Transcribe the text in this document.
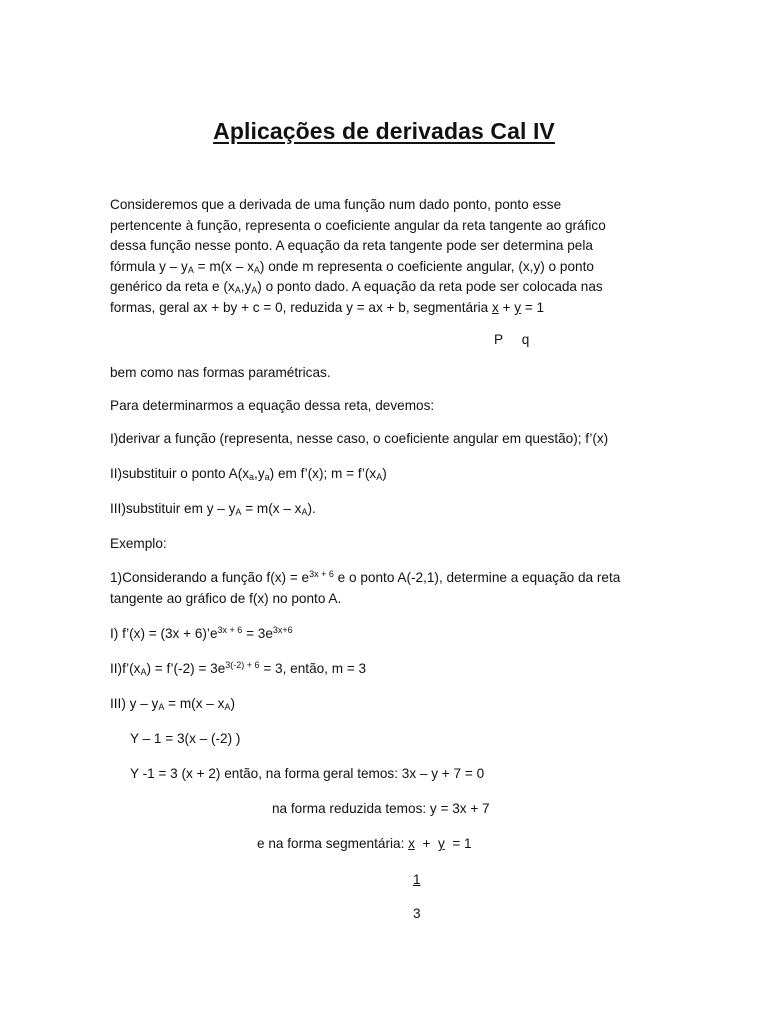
Aplicações de derivadas Cal IV
Consideremos que a derivada de uma função num dado ponto, ponto esse
pertencente à função, representa o coeficiente angular da reta tangente ao gráfico
dessa função nesse ponto. A equação da reta tangente pode ser determina pela
fórmula $y - y_A = m(x - x_A)$ onde m representa o coeficiente angular, (x,y) o ponto
genérico da reta e $(x_A,y_A)$ o ponto dado. A equação da reta pode ser colocada nas
formas, geral ax + by + c = 0, reduzida y = ax + b, segmentária x + y = 1
P     q
bem como nas formas paramétricas.
Para determinarmos a equação dessa reta, devemos:
I)derivar a função (representa, nesse caso, o coeficiente angular em questão); f’(x)
II)substituir o ponto $A(x_a,y_a)$ em f’(x); $m = f’(x_A)$
III)substituir em $y - y_A = m(x - x_A)$.
Exemplo:
1)Considerando a função $f(x) = e^{3x + 6}$ e o ponto A(-2,1), determine a equação da reta
tangente ao gráfico de f(x) no ponto A.
I) f’(x) = $(3x + 6)’e^{3x + 6} = 3e^{3x+6}$
$II)f’(x_A)$ = f’(-2) = $3e^{3(-2) + 6} = 3$, então, m = 3
III) $y - y_A = m(x - x_A)$
Y – 1 = 3(x – (-2) )
Y -1 = 3 (x + 2) então, na forma geral temos: 3x – y + 7 = 0
na forma reduzida temos: y = 3x + 7
e na forma segmentária: x  +  y  = 1
1
3
